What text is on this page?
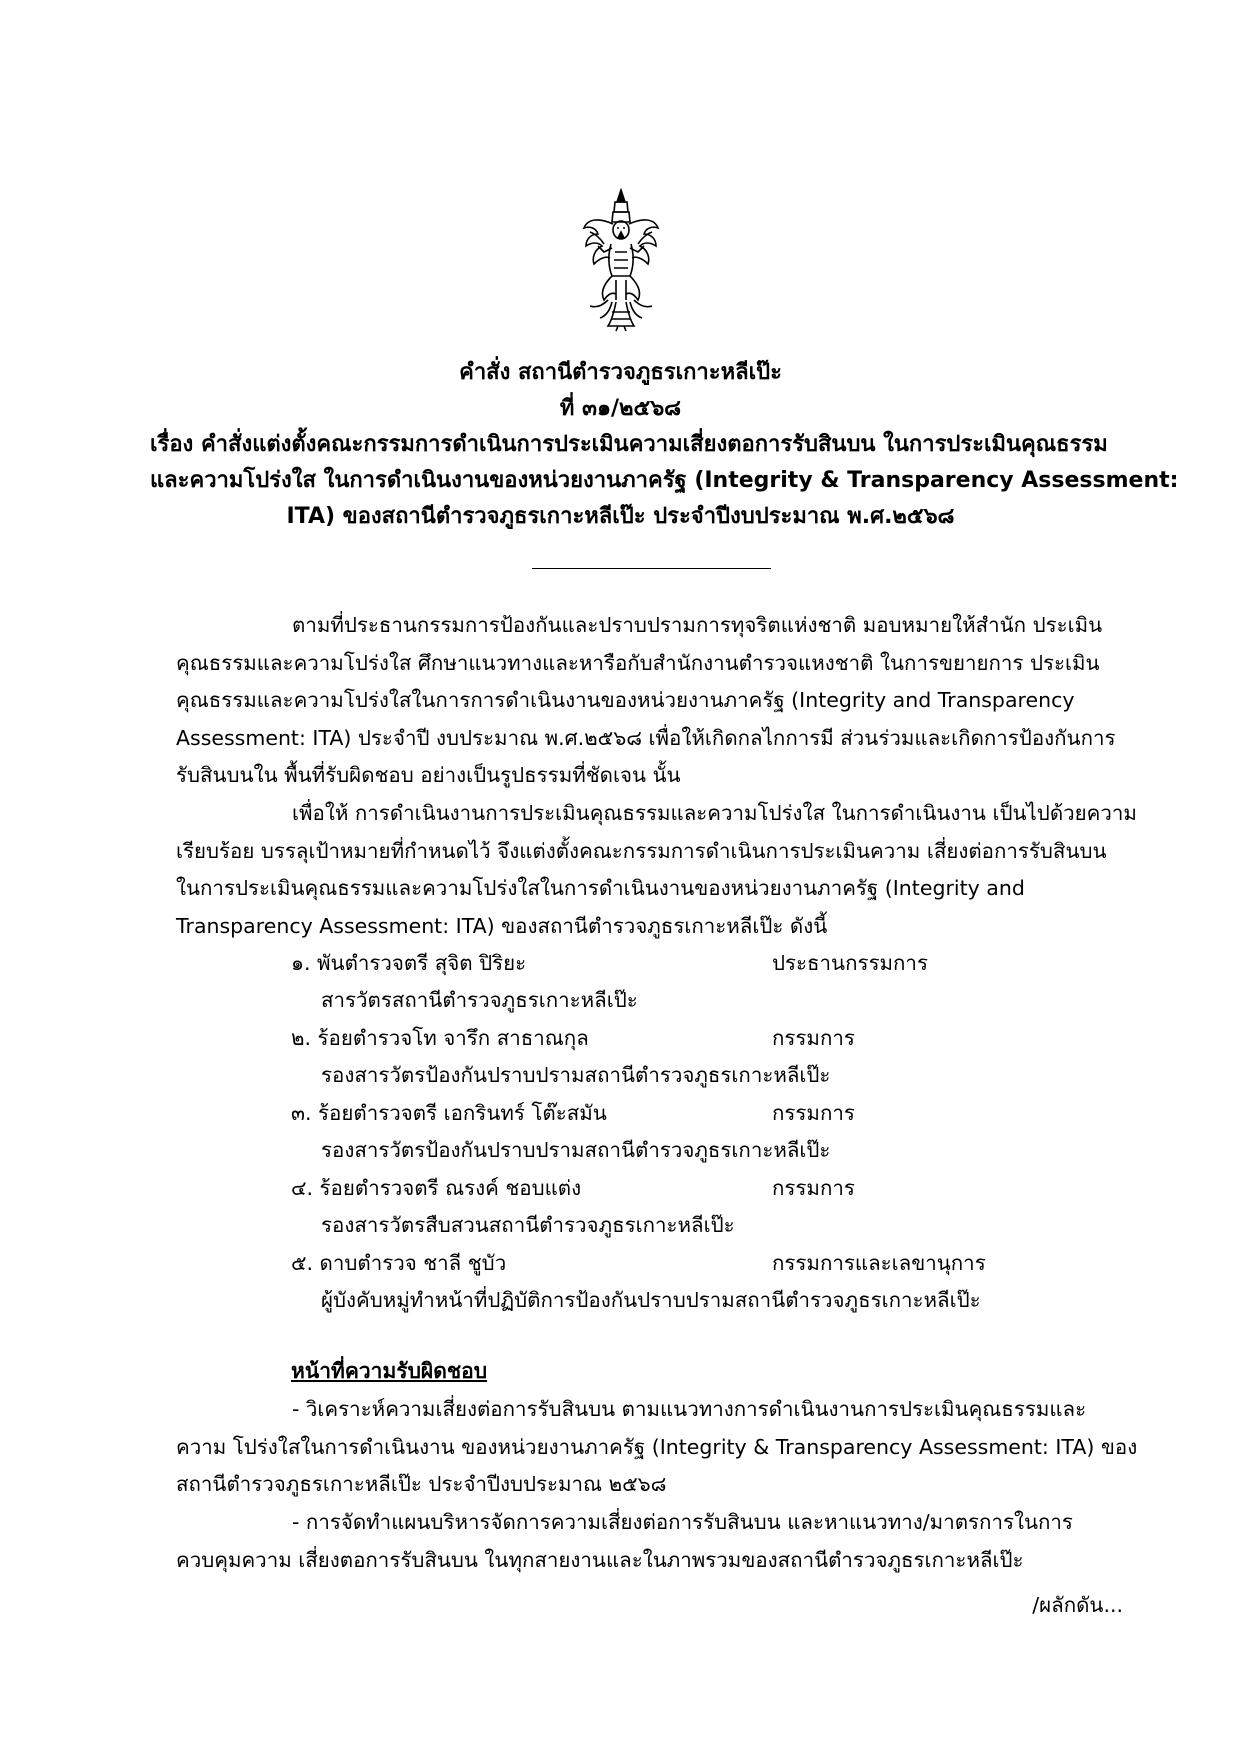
คำสั่ง สถานีตำรวจภูธรเกาะหลีเป๊ะ
ที่ ๓๑/๒๕๖๘
เรื่อง คำสั่งแต่งตั้งคณะกรรมการดำเนินการประเมินความเสี่ยงตอการรับสินบน ในการประเมินคุณธรรม
และความโปร่งใส ในการดำเนินงานของหน่วยงานภาครัฐ (Integrity & Transparency Assessment:
ITA) ของสถานีตำรวจภูธรเกาะหลีเป๊ะ ประจำปีงบประมาณ พ.ศ.๒๕๖๘
ตามที่ประธานกรรมการป้องกันและปราบปรามการทุจริตแห่งชาติ มอบหมายให้สำนัก ประเมิน
คุณธรรมและความโปร่งใส ศึกษาแนวทางและหารือกับสำนักงานตำรวจแหงชาติ ในการขยายการ ประเมิน
คุณธรรมและความโปร่งใสในการการดำเนินงานของหน่วยงานภาครัฐ (Integrity and Transparency
Assessment: ITA) ประจำปี งบประมาณ พ.ศ.๒๕๖๘ เพื่อให้เกิดกลไกการมี ส่วนร่วมและเกิดการป้องกันการ
รับสินบนใน พื้นที่รับผิดชอบ อย่างเป็นรูปธรรมที่ชัดเจน นั้น
เพื่อให้ การดำเนินงานการประเมินคุณธรรมและความโปร่งใส ในการดำเนินงาน เป็นไปด้วยความ
เรียบร้อย บรรลุเป้าหมายที่กำหนดไว้ จึงแต่งตั้งคณะกรรมการดำเนินการประเมินความ เสี่ยงต่อการรับสินบน
ในการประเมินคุณธรรมและความโปร่งใสในการดำเนินงานของหน่วยงานภาครัฐ (Integrity and
Transparency Assessment: ITA) ของสถานีตำรวจภูธรเกาะหลีเป๊ะ ดังนี้
๑. พันตำรวจตรี สุจิต ปิริยะ	ประธานกรรมการ
สารวัตรสถานีตำรวจภูธรเกาะหลีเป๊ะ
๒. ร้อยตำรวจโท จารึก สาธาณกุล	กรรมการ
รองสารวัตรป้องกันปราบปรามสถานีตำรวจภูธรเกาะหลีเป๊ะ
๓. ร้อยตำรวจตรี เอกรินทร์ โต๊ะสมัน	กรรมการ
รองสารวัตรป้องกันปราบปรามสถานีตำรวจภูธรเกาะหลีเป๊ะ
๔. ร้อยตำรวจตรี ณรงค์ ชอบแต่ง	กรรมการ
รองสารวัตรสืบสวนสถานีตำรวจภูธรเกาะหลีเป๊ะ
๕. ดาบตำรวจ ชาลี ชูบัว	กรรมการและเลขานุการ
ผู้บังคับหมู่ทำหน้าที่ปฏิบัติการป้องกันปราบปรามสถานีตำรวจภูธรเกาะหลีเป๊ะ
หน้าที่ความรับผิดชอบ
- วิเคราะห์ความเสี่ยงต่อการรับสินบน ตามแนวทางการดำเนินงานการประเมินคุณธรรมและ
ความ โปร่งใสในการดำเนินงาน ของหน่วยงานภาครัฐ (Integrity & Transparency Assessment: ITA) ของ
สถานีตำรวจภูธรเกาะหลีเป๊ะ ประจำปีงบประมาณ ๒๕๖๘
- การจัดทำแผนบริหารจัดการความเสี่ยงต่อการรับสินบน และหาแนวทาง/มาตรการในการ
ควบคุมความ เสี่ยงตอการรับสินบน ในทุกสายงานและในภาพรวมของสถานีตำรวจภูธรเกาะหลีเป๊ะ
/ผลักดัน...
